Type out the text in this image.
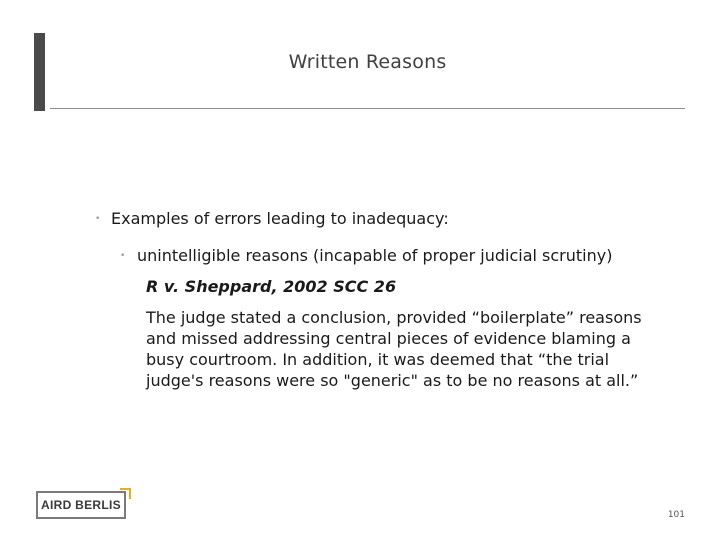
Written Reasons
• Examples of errors leading to inadequacy:
• unintelligible reasons (incapable of proper judicial scrutiny)
R v. Sheppard, 2002 SCC 26
The judge stated a conclusion, provided “boilerplate” reasons and missed addressing central pieces of evidence blaming a busy courtroom. In addition, it was deemed that “the trial judge's reasons were so "generic" as to be no reasons at all.”
AIRD BERLIS
101
